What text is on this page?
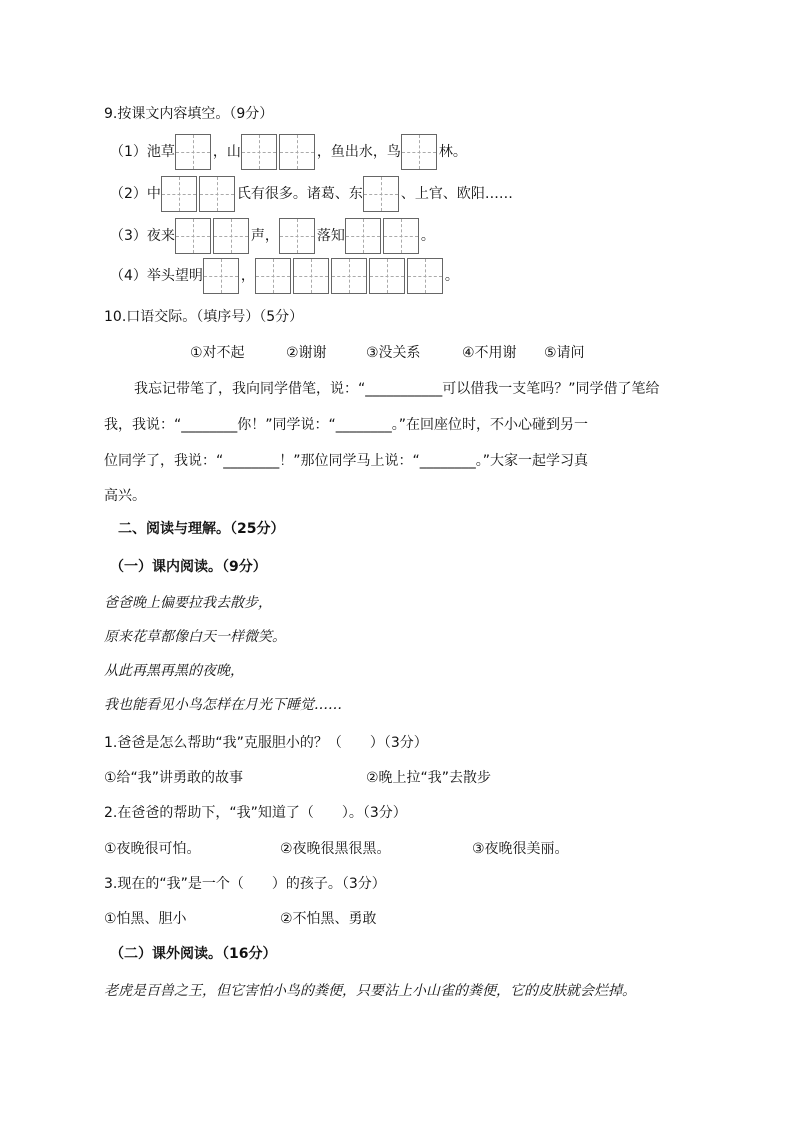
9.按课文内容填空。（9分）
（1）池草	，山	，鱼出水，鸟	林。
（2）中	氏有很多。诸葛、东	、上官、欧阳……
（3）夜来	声，	落知	。
（4）举头望明	，	。
10.口语交际。（填序号）（5分）
①对不起	②谢谢	③没关系	④不用谢 ⑤请问
我忘记带笔了，我向同学借笔，说：“___________可以借我一支笔吗？”同学借了笔给
我，我说：“________你！”同学说：“________。”在回座位时，不小心碰到另一
位同学了，我说：“________！”那位同学马上说：“________。”大家一起学习真
高兴。
二、阅读与理解。（25分）
（一）课内阅读。（9分）
爸爸晚上偏要拉我去散步，
原来花草都像白天一样微笑。
从此再黑再黑的夜晚，
我也能看见小鸟怎样在月光下睡觉……
1.爸爸是怎么帮助“我”克服胆小的？（　　）（3分）
①给“我”讲勇敢的故事	②晚上拉“我”去散步
2.在爸爸的帮助下，“我”知道了（　　）。（3分）
①夜晚很可怕。	②夜晚很黑很黑。	③夜晚很美丽。
3.现在的“我”是一个（　　）的孩子。（3分）
①怕黑、胆小	②不怕黑、勇敢
（二）课外阅读。（16分）
老虎是百兽之王，但它害怕小鸟的粪便，只要沾上小山雀的粪便，它的皮肤就会烂掉。
